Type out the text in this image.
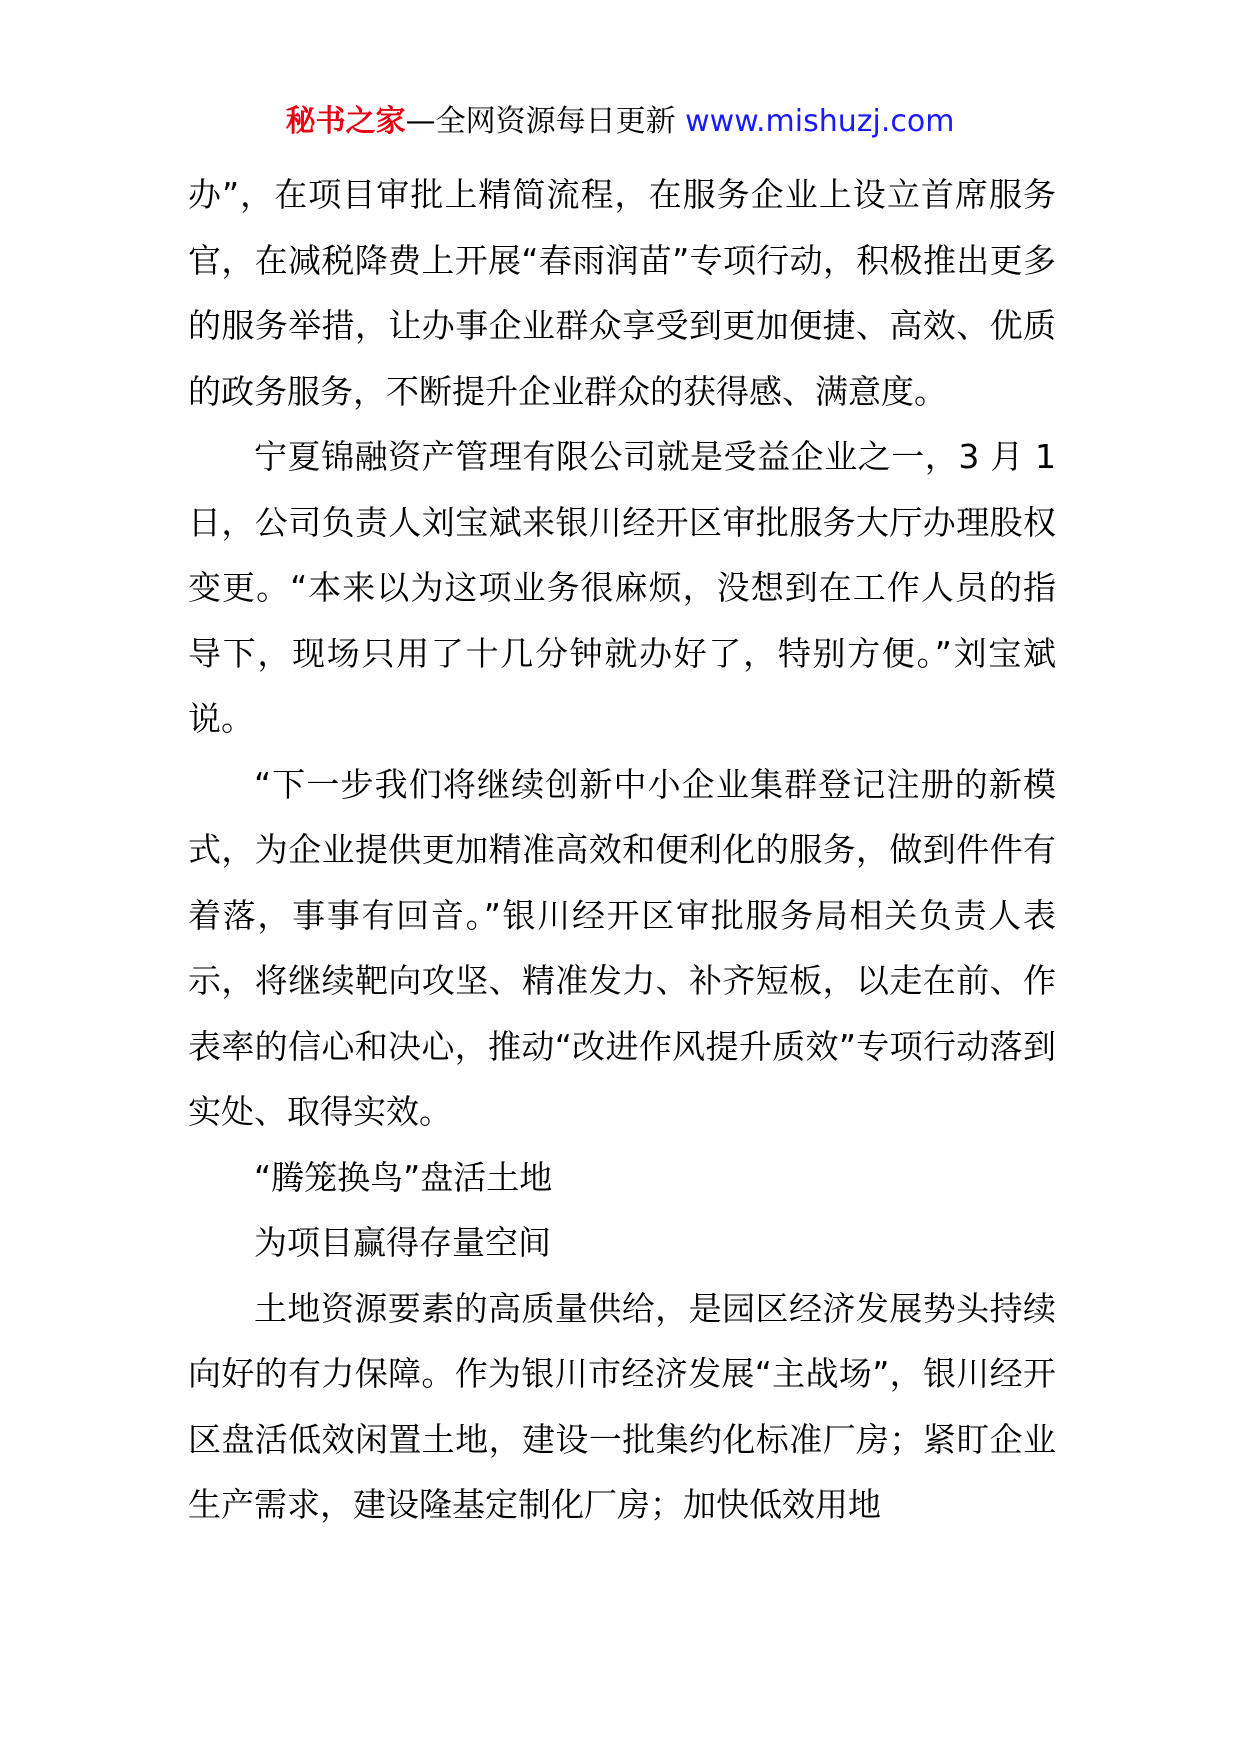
秘书之家—全网资源每日更新 www.mishuzj.com

办”，在项目审批上精简流程，在服务企业上设立首席服务官，在减税降费上开展“春雨润苗”专项行动，积极推出更多的服务举措，让办事企业群众享受到更加便捷、高效、优质的政务服务，不断提升企业群众的获得感、满意度。

宁夏锦融资产管理有限公司就是受益企业之一，3 月 1 日，公司负责人刘宝斌来银川经开区审批服务大厅办理股权变更。“本来以为这项业务很麻烦，没想到在工作人员的指导下，现场只用了十几分钟就办好了，特别方便。”刘宝斌说。

“下一步我们将继续创新中小企业集群登记注册的新模式，为企业提供更加精准高效和便利化的服务，做到件件有着落，事事有回音。”银川经开区审批服务局相关负责人表示，将继续靶向攻坚、精准发力、补齐短板，以走在前、作表率的信心和决心，推动“改进作风提升质效”专项行动落到实处、取得实效。

“腾笼换鸟”盘活土地

为项目赢得存量空间

土地资源要素的高质量供给，是园区经济发展势头持续向好的有力保障。作为银川市经济发展“主战场”，银川经开区盘活低效闲置土地，建设一批集约化标准厂房；紧盯企业生产需求，建设隆基定制化厂房；加快低效用地
